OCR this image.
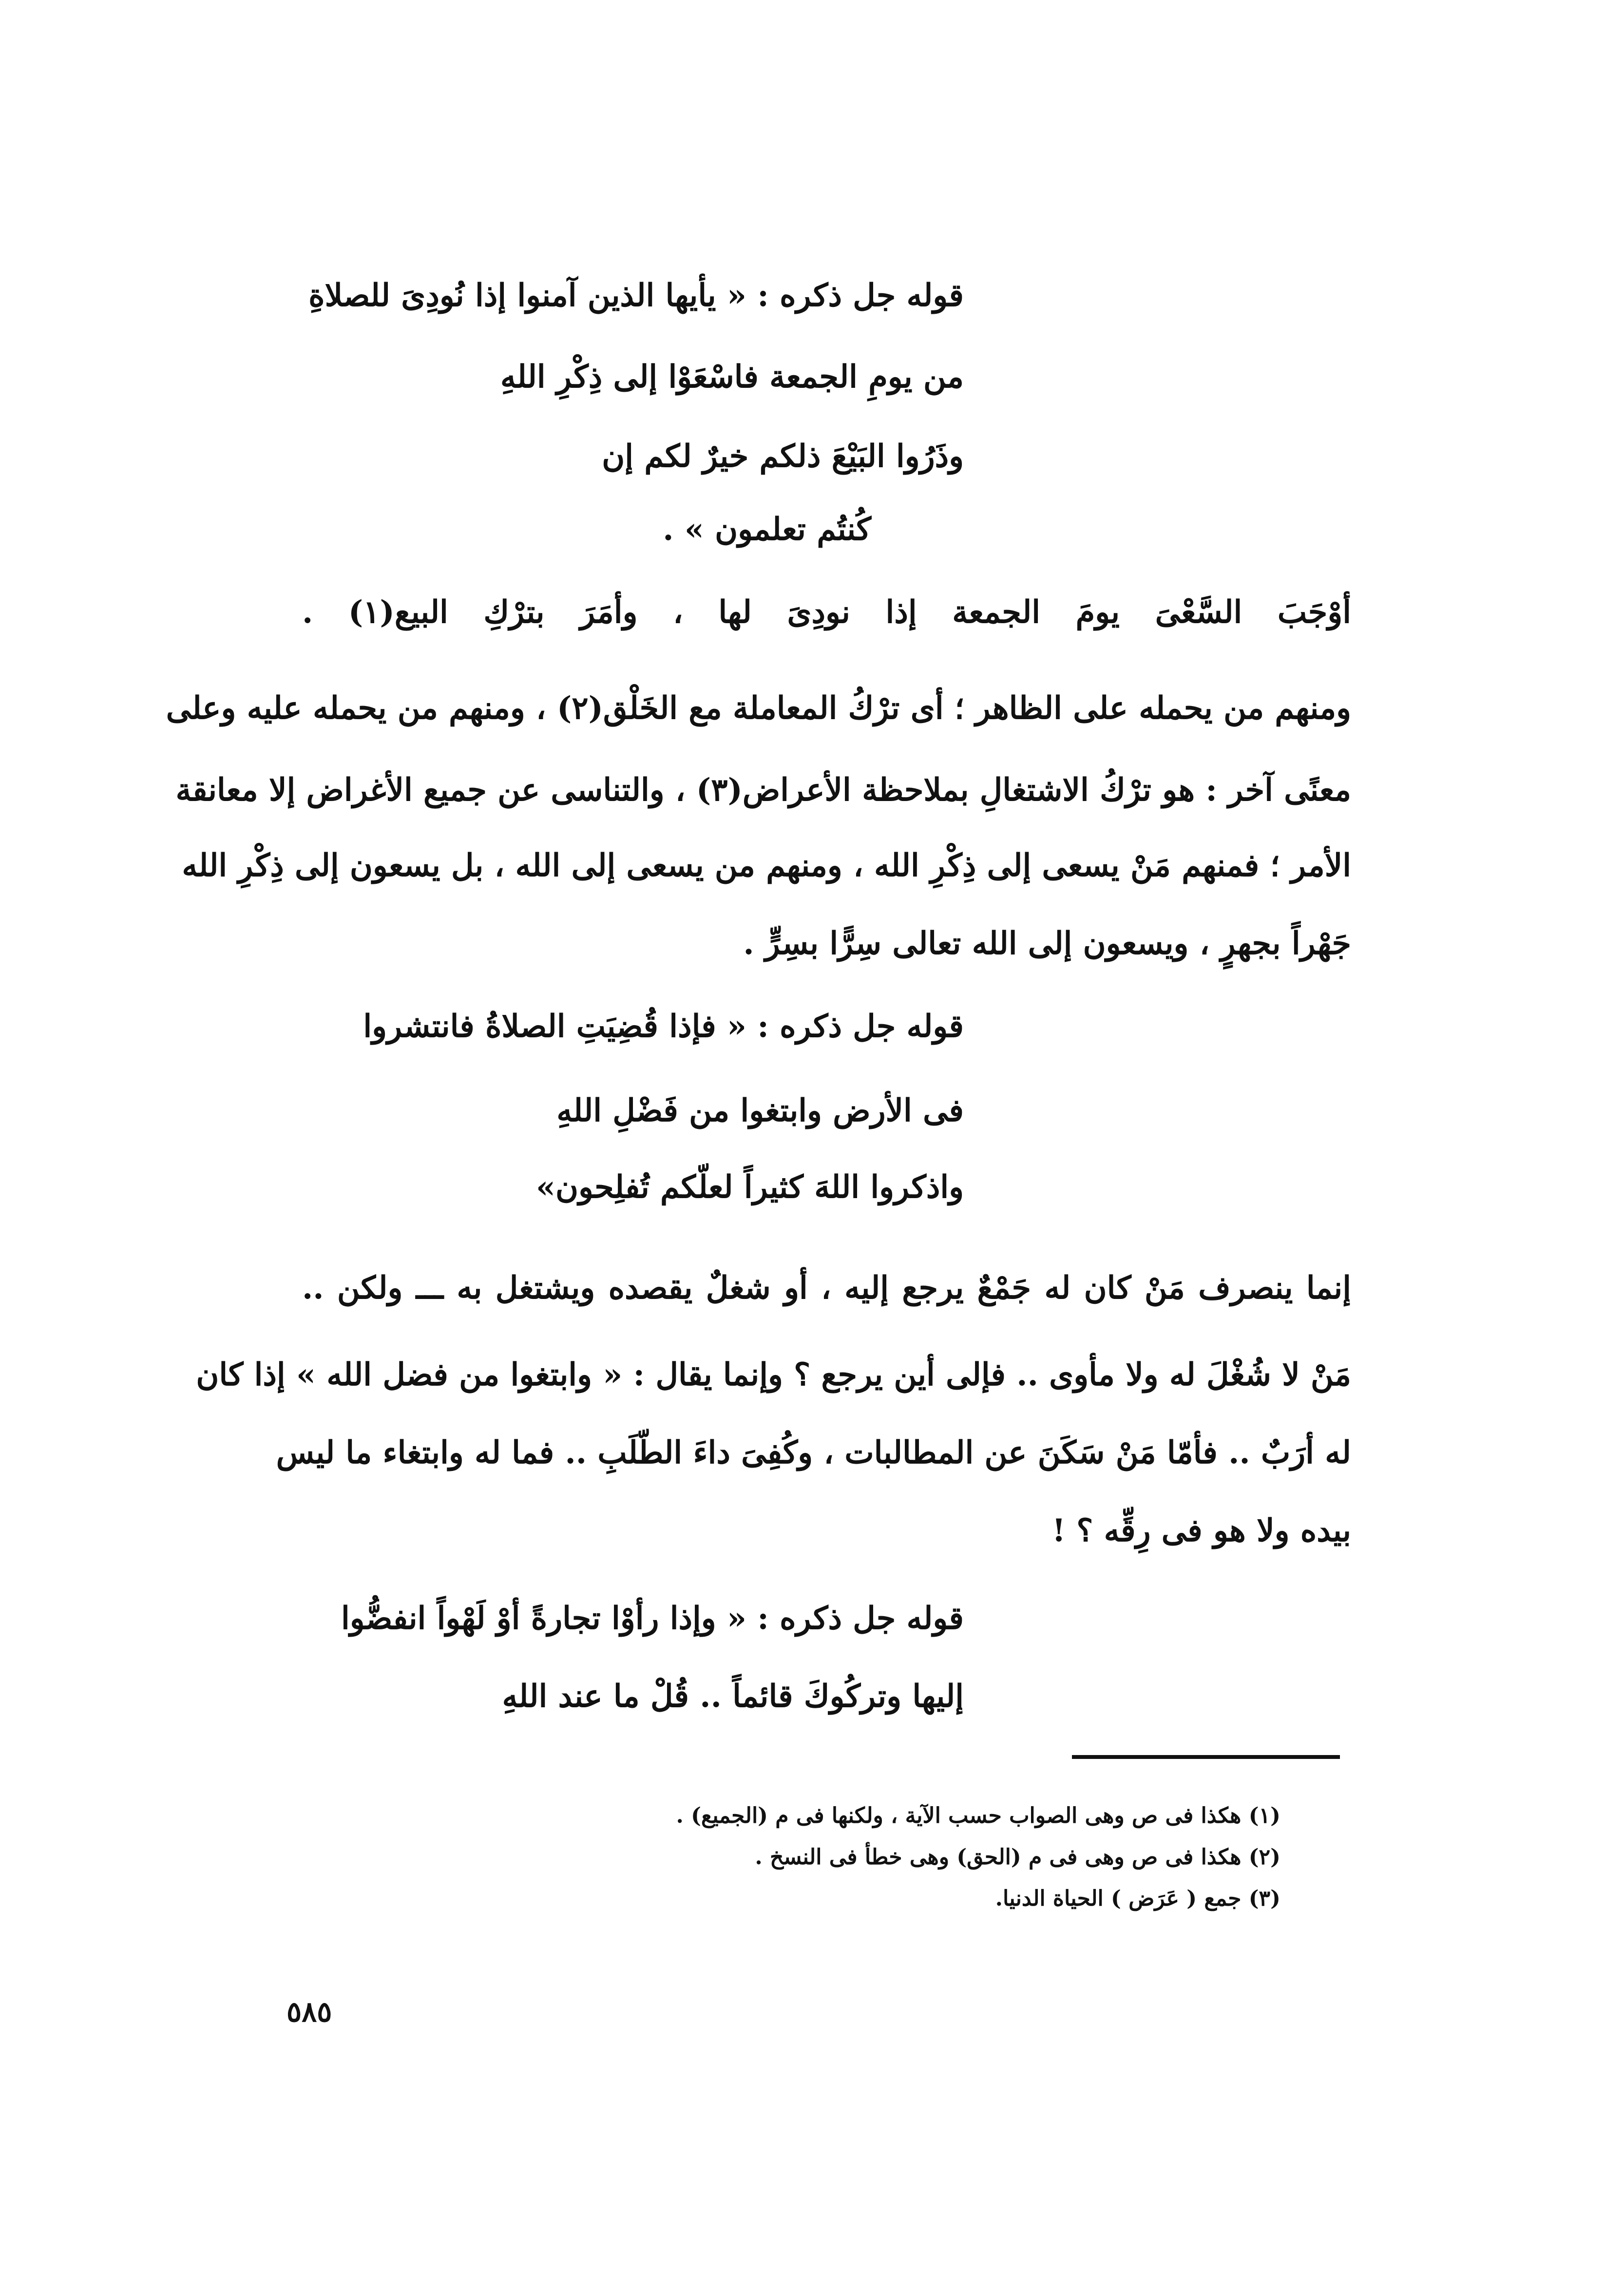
قوله جل ذكره : « يأيها الذين آمنوا إذا نُودِىَ للصلاةِ
من يومِ الجمعة فاسْعَوْا إلى ذِكْرِ اللهِ
وذَرُوا البَيْعَ ذلكم خيرٌ لكم إن
كُنتُم تعلمون » .
أوْجَبَ السَّعْىَ يومَ الجمعة إذا نودِىَ لها ، وأمَرَ بترْكِ البيع(١) .
ومنهم من يحمله على الظاهر ؛ أى ترْكُ المعاملة مع الخَلْق(٢) ، ومنهم من يحمله عليه وعلى
معنًى آخر : هو ترْكُ الاشتغالِ بملاحظة الأعراض(٣) ، والتناسى عن جميع الأغراض إلا معانقة
الأمر ؛ فمنهم مَنْ يسعى إلى ذِكْرِ الله ، ومنهم من يسعى إلى الله ، بل يسعون إلى ذِكْرِ الله
جَهْراً بجهرٍ ، ويسعون إلى الله تعالى سِرًّا بسِرٍّ .
قوله جل ذكره : « فإذا قُضِيَتِ الصلاةُ فانتشروا
فى الأرض وابتغوا من فَضْلِ اللهِ
واذكروا اللهَ كثيراً لعلّكم تُفلِحون»
إنما ينصرف مَنْ كان له جَمْعٌ يرجع إليه ، أو شغلٌ يقصده ويشتغل به ـــ ولكن ..
مَنْ لا شُغْلَ له ولا مأوى .. فإلى أين يرجع ؟ وإنما يقال : « وابتغوا من فضل الله » إذا كان
له أرَبٌ .. فأمّا مَنْ سَكَنَ عن المطالبات ، وكُفِىَ داءَ الطّلَبِ .. فما له وابتغاء ما ليس
بيده ولا هو فى رِقِّه ؟ !
قوله جل ذكره : « وإذا رأوْا تجارةً أوْ لَهْواً انفضُّوا
إليها وتركُوكَ قائماً .. قُلْ ما عند اللهِ
(١) هكذا فى ص وهى الصواب حسب الآية ، ولكنها فى م (الجميع) .
(٢) هكذا فى ص وهى فى م (الحق) وهى خطأ فى النسخ .
(٣) جمع ( عَرَض ) الحياة الدنيا.
٥٨٥
